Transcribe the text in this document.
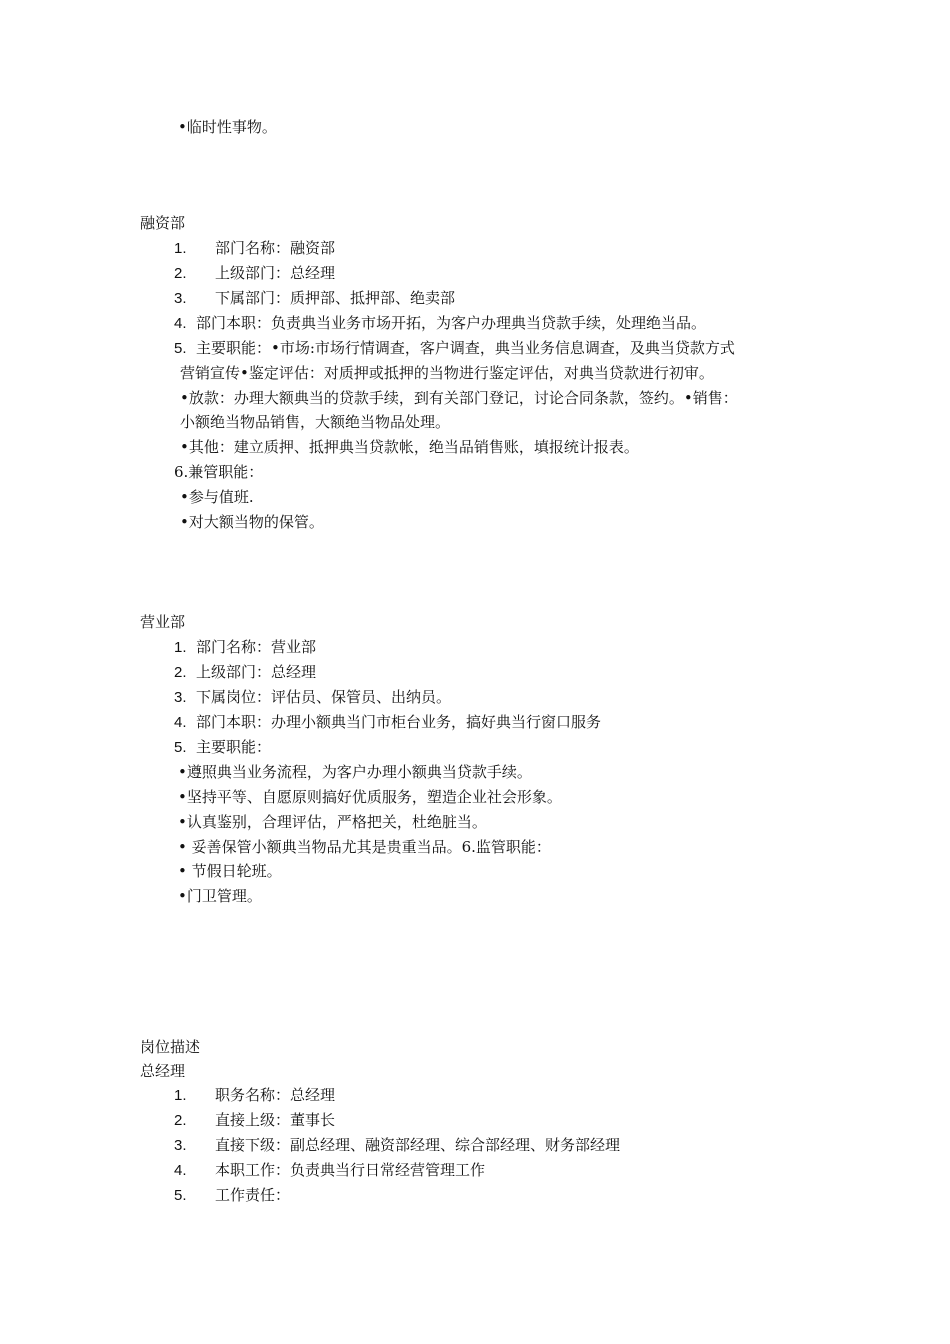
•临时性事物。
融资部
1. 部门名称：融资部
2. 上级部门：总经理
3. 下属部门：质押部、抵押部、绝卖部
4. 部门本职：负责典当业务市场开拓，为客户办理典当贷款手续，处理绝当品。
5. 主要职能：•市场:市场行情调查，客户调查，典当业务信息调查，及典当贷款方式
营销宣传•鉴定评估：对质押或抵押的当物进行鉴定评估，对典当贷款进行初审。
•放款：办理大额典当的贷款手续，到有关部门登记，讨论合同条款，签约。•销售：
小额绝当物品销售，大额绝当物品处理。
•其他：建立质押、抵押典当贷款帐，绝当品销售账，填报统计报表。
6.兼管职能：
•参与值班.
•对大额当物的保管。
营业部
1. 部门名称：营业部
2. 上级部门：总经理
3. 下属岗位：评估员、保管员、出纳员。
4. 部门本职：办理小额典当门市柜台业务，搞好典当行窗口服务
5. 主要职能：
•遵照典当业务流程，为客户办理小额典当贷款手续。
•坚持平等、自愿原则搞好优质服务，塑造企业社会形象。
•认真鉴别，合理评估，严格把关，杜绝脏当。
• 妥善保管小额典当物品尤其是贵重当品。6.监管职能：
• 节假日轮班。
•门卫管理。
岗位描述
总经理
1. 职务名称：总经理
2. 直接上级：董事长
3. 直接下级：副总经理、融资部经理、综合部经理、财务部经理
4. 本职工作：负责典当行日常经营管理工作
5. 工作责任：
